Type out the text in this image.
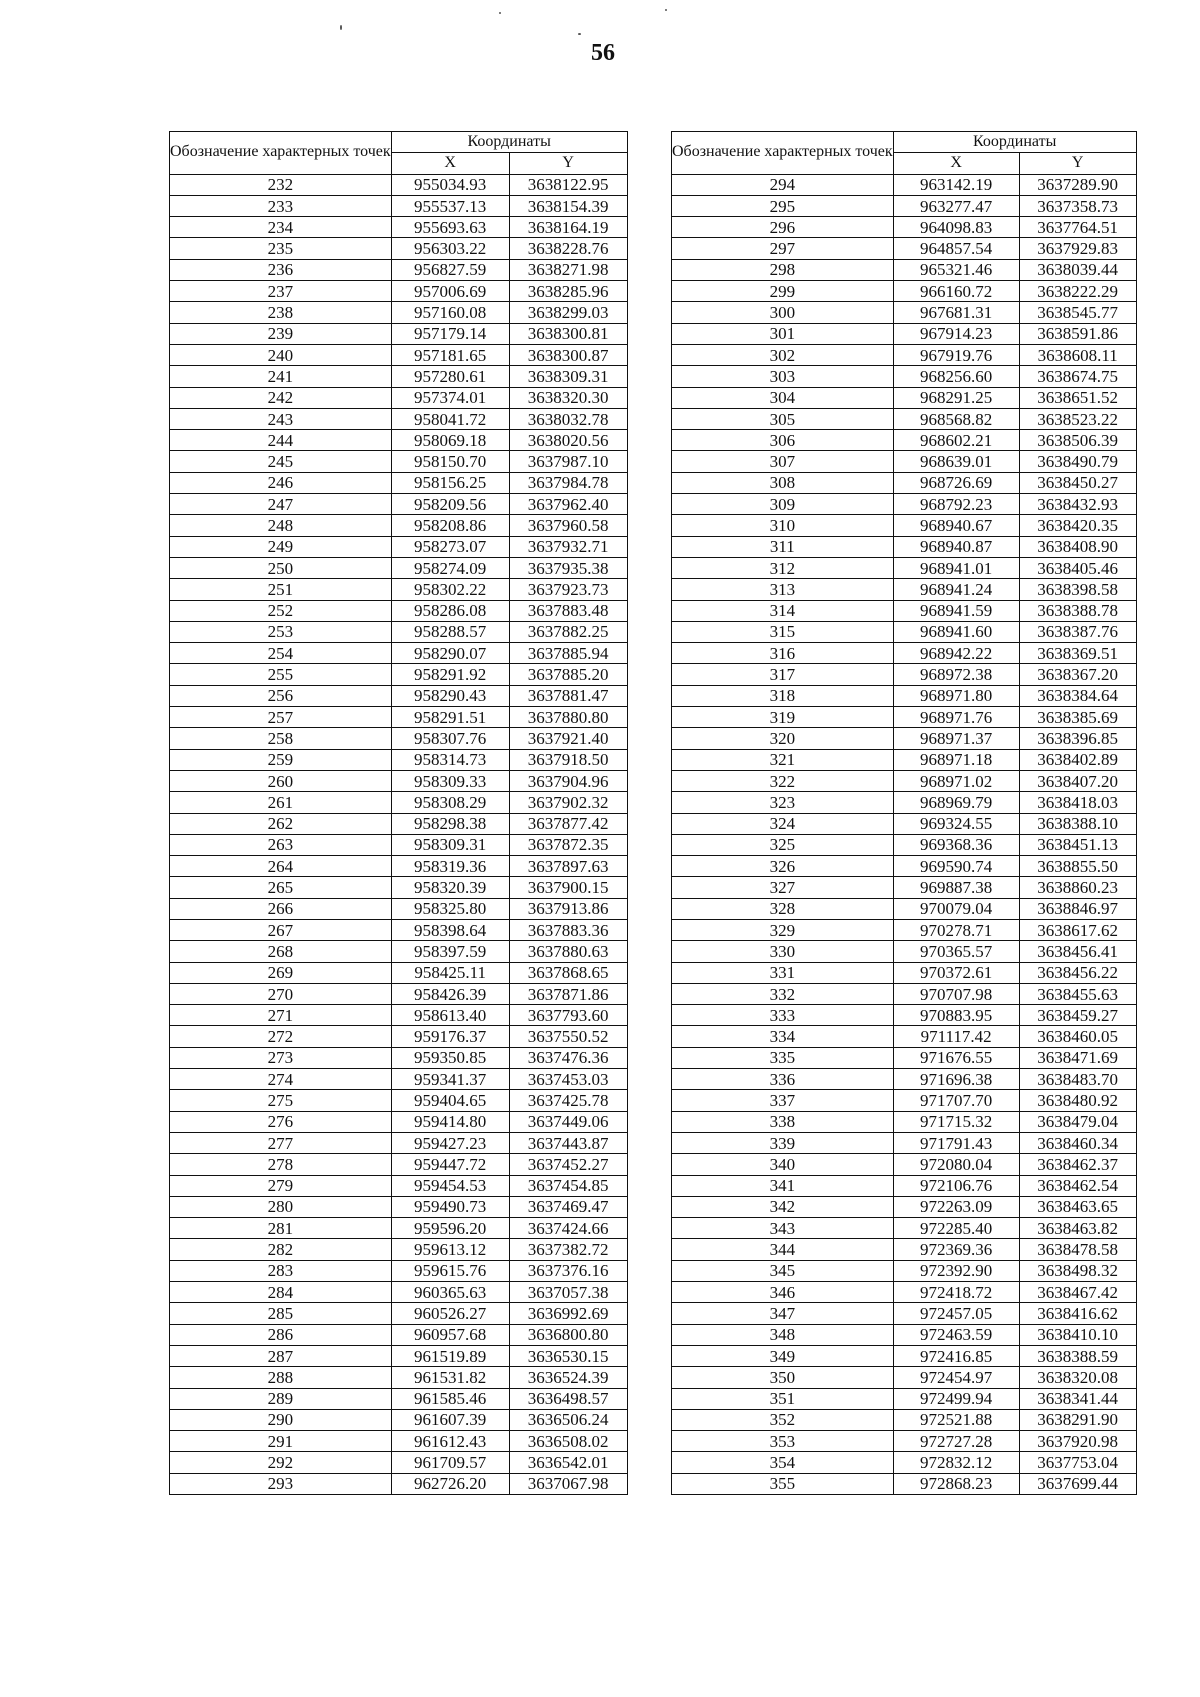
56
Обозначение характерных точек	Координаты	
	X	Y
232	955034.93	3638122.95
233	955537.13	3638154.39
234	955693.63	3638164.19
235	956303.22	3638228.76
236	956827.59	3638271.98
237	957006.69	3638285.96
238	957160.08	3638299.03
239	957179.14	3638300.81
240	957181.65	3638300.87
241	957280.61	3638309.31
242	957374.01	3638320.30
243	958041.72	3638032.78
244	958069.18	3638020.56
245	958150.70	3637987.10
246	958156.25	3637984.78
247	958209.56	3637962.40
248	958208.86	3637960.58
249	958273.07	3637932.71
250	958274.09	3637935.38
251	958302.22	3637923.73
252	958286.08	3637883.48
253	958288.57	3637882.25
254	958290.07	3637885.94
255	958291.92	3637885.20
256	958290.43	3637881.47
257	958291.51	3637880.80
258	958307.76	3637921.40
259	958314.73	3637918.50
260	958309.33	3637904.96
261	958308.29	3637902.32
262	958298.38	3637877.42
263	958309.31	3637872.35
264	958319.36	3637897.63
265	958320.39	3637900.15
266	958325.80	3637913.86
267	958398.64	3637883.36
268	958397.59	3637880.63
269	958425.11	3637868.65
270	958426.39	3637871.86
271	958613.40	3637793.60
272	959176.37	3637550.52
273	959350.85	3637476.36
274	959341.37	3637453.03
275	959404.65	3637425.78
276	959414.80	3637449.06
277	959427.23	3637443.87
278	959447.72	3637452.27
279	959454.53	3637454.85
280	959490.73	3637469.47
281	959596.20	3637424.66
282	959613.12	3637382.72
283	959615.76	3637376.16
284	960365.63	3637057.38
285	960526.27	3636992.69
286	960957.68	3636800.80
287	961519.89	3636530.15
288	961531.82	3636524.39
289	961585.46	3636498.57
290	961607.39	3636506.24
291	961612.43	3636508.02
292	961709.57	3636542.01
293	962726.20	3637067.98
Обозначение характерных точек	Координаты	
	X	Y
294	963142.19	3637289.90
295	963277.47	3637358.73
296	964098.83	3637764.51
297	964857.54	3637929.83
298	965321.46	3638039.44
299	966160.72	3638222.29
300	967681.31	3638545.77
301	967914.23	3638591.86
302	967919.76	3638608.11
303	968256.60	3638674.75
304	968291.25	3638651.52
305	968568.82	3638523.22
306	968602.21	3638506.39
307	968639.01	3638490.79
308	968726.69	3638450.27
309	968792.23	3638432.93
310	968940.67	3638420.35
311	968940.87	3638408.90
312	968941.01	3638405.46
313	968941.24	3638398.58
314	968941.59	3638388.78
315	968941.60	3638387.76
316	968942.22	3638369.51
317	968972.38	3638367.20
318	968971.80	3638384.64
319	968971.76	3638385.69
320	968971.37	3638396.85
321	968971.18	3638402.89
322	968971.02	3638407.20
323	968969.79	3638418.03
324	969324.55	3638388.10
325	969368.36	3638451.13
326	969590.74	3638855.50
327	969887.38	3638860.23
328	970079.04	3638846.97
329	970278.71	3638617.62
330	970365.57	3638456.41
331	970372.61	3638456.22
332	970707.98	3638455.63
333	970883.95	3638459.27
334	971117.42	3638460.05
335	971676.55	3638471.69
336	971696.38	3638483.70
337	971707.70	3638480.92
338	971715.32	3638479.04
339	971791.43	3638460.34
340	972080.04	3638462.37
341	972106.76	3638462.54
342	972263.09	3638463.65
343	972285.40	3638463.82
344	972369.36	3638478.58
345	972392.90	3638498.32
346	972418.72	3638467.42
347	972457.05	3638416.62
348	972463.59	3638410.10
349	972416.85	3638388.59
350	972454.97	3638320.08
351	972499.94	3638341.44
352	972521.88	3638291.90
353	972727.28	3637920.98
354	972832.12	3637753.04
355	972868.23	3637699.44
